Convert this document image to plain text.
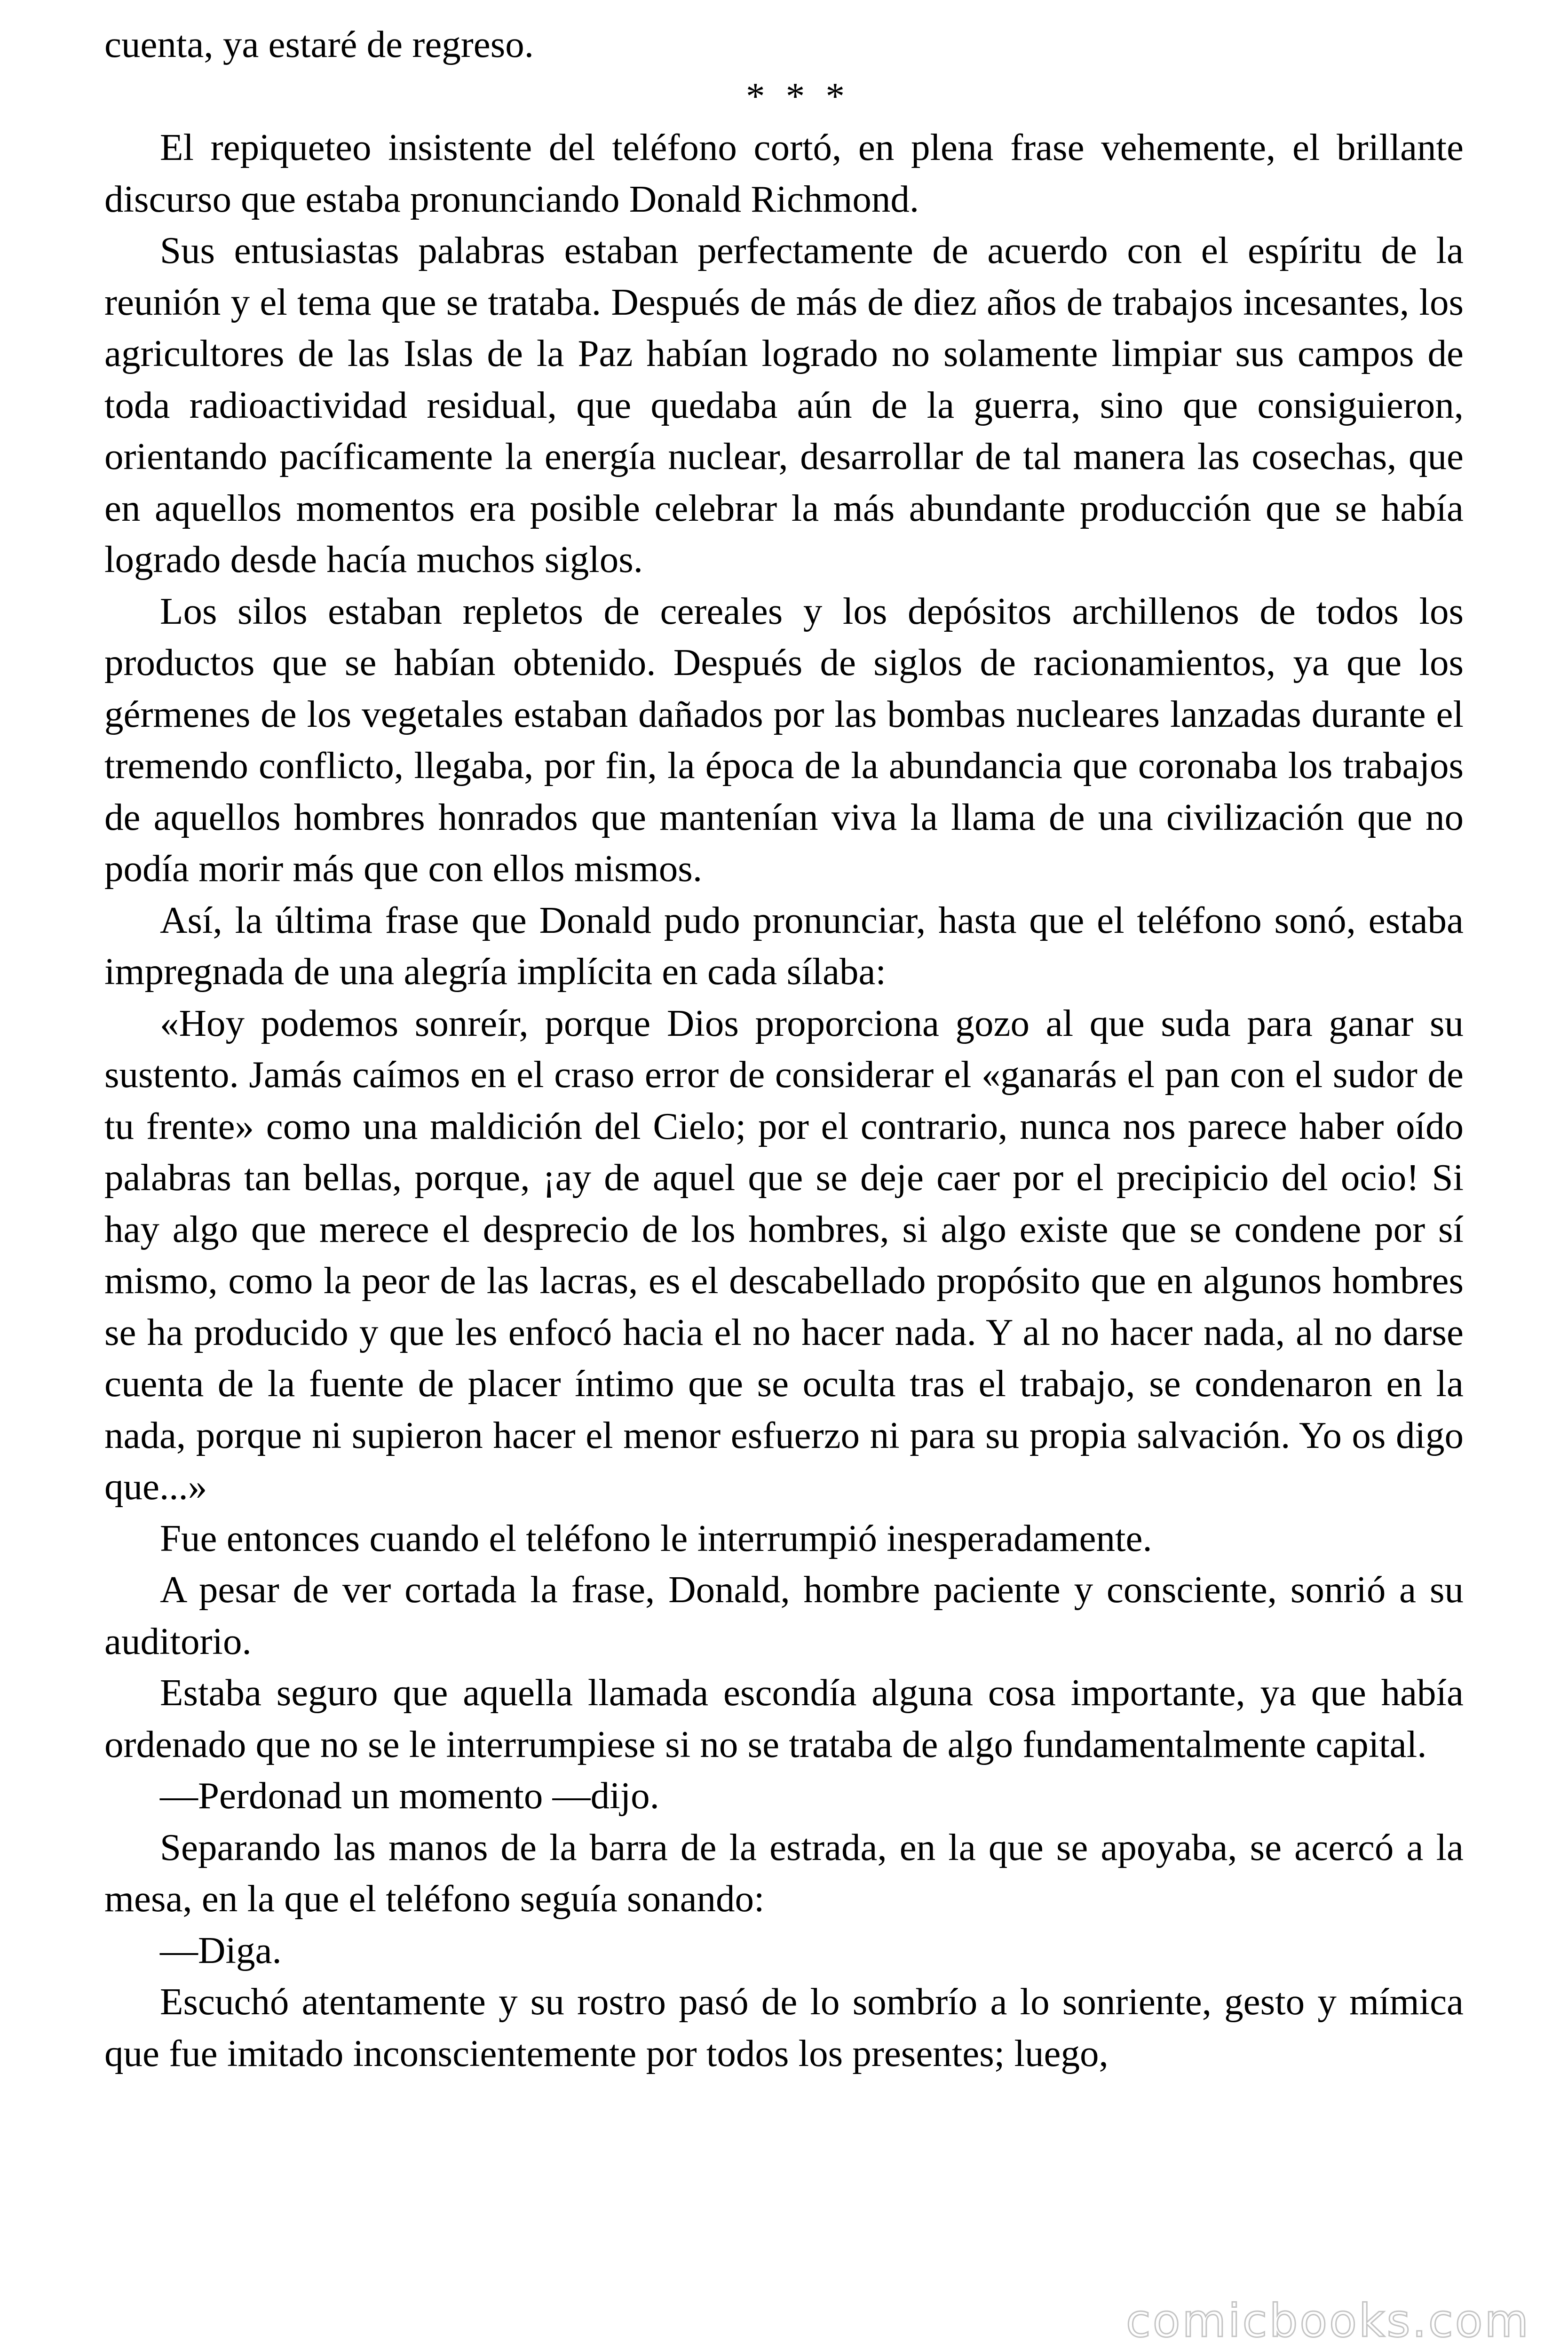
cuenta, ya estaré de regreso.

* * *

El repiqueteo insistente del teléfono cortó, en plena frase vehemente, el brillante discurso que estaba pronunciando Donald Richmond.

Sus entusiastas palabras estaban perfectamente de acuerdo con el espíritu de la reunión y el tema que se trataba. Después de más de diez años de trabajos incesantes, los agricultores de las Islas de la Paz habían logrado no solamente limpiar sus campos de toda radioactividad residual, que quedaba aún de la guerra, sino que consiguieron, orientando pacíficamente la energía nuclear, desarrollar de tal manera las cosechas, que en aquellos momentos era posible celebrar la más abundante producción que se había logrado desde hacía muchos siglos.

Los silos estaban repletos de cereales y los depósitos archillenos de todos los productos que se habían obtenido. Después de siglos de racionamientos, ya que los gérmenes de los vegetales estaban dañados por las bombas nucleares lanzadas durante el tremendo conflicto, llegaba, por fin, la época de la abundancia que coronaba los trabajos de aquellos hombres honrados que mantenían viva la llama de una civilización que no podía morir más que con ellos mismos.

Así, la última frase que Donald pudo pronunciar, hasta que el teléfono sonó, estaba impregnada de una alegría implícita en cada sílaba:

«Hoy podemos sonreír, porque Dios proporciona gozo al que suda para ganar su sustento. Jamás caímos en el craso error de considerar el «ganarás el pan con el sudor de tu frente» como una maldición del Cielo; por el contrario, nunca nos parece haber oído palabras tan bellas, porque, ¡ay de aquel que se deje caer por el precipicio del ocio! Si hay algo que merece el desprecio de los hombres, si algo existe que se condene por sí mismo, como la peor de las lacras, es el descabellado propósito que en algunos hombres se ha producido y que les enfocó hacia el no hacer nada. Y al no hacer nada, al no darse cuenta de la fuente de placer íntimo que se oculta tras el trabajo, se condenaron en la nada, porque ni supieron hacer el menor esfuerzo ni para su propia salvación. Yo os digo que...»

Fue entonces cuando el teléfono le interrumpió inesperadamente.

A pesar de ver cortada la frase, Donald, hombre paciente y consciente, sonrió a su auditorio.

Estaba seguro que aquella llamada escondía alguna cosa importante, ya que había ordenado que no se le interrumpiese si no se trataba de algo fundamentalmente capital.

—Perdonad un momento —dijo.

Separando las manos de la barra de la estrada, en la que se apoyaba, se acercó a la mesa, en la que el teléfono seguía sonando:

—Diga.

Escuchó atentamente y su rostro pasó de lo sombrío a lo sonriente, gesto y mímica que fue imitado inconscientemente por todos los presentes; luego,

comicbooks.com
